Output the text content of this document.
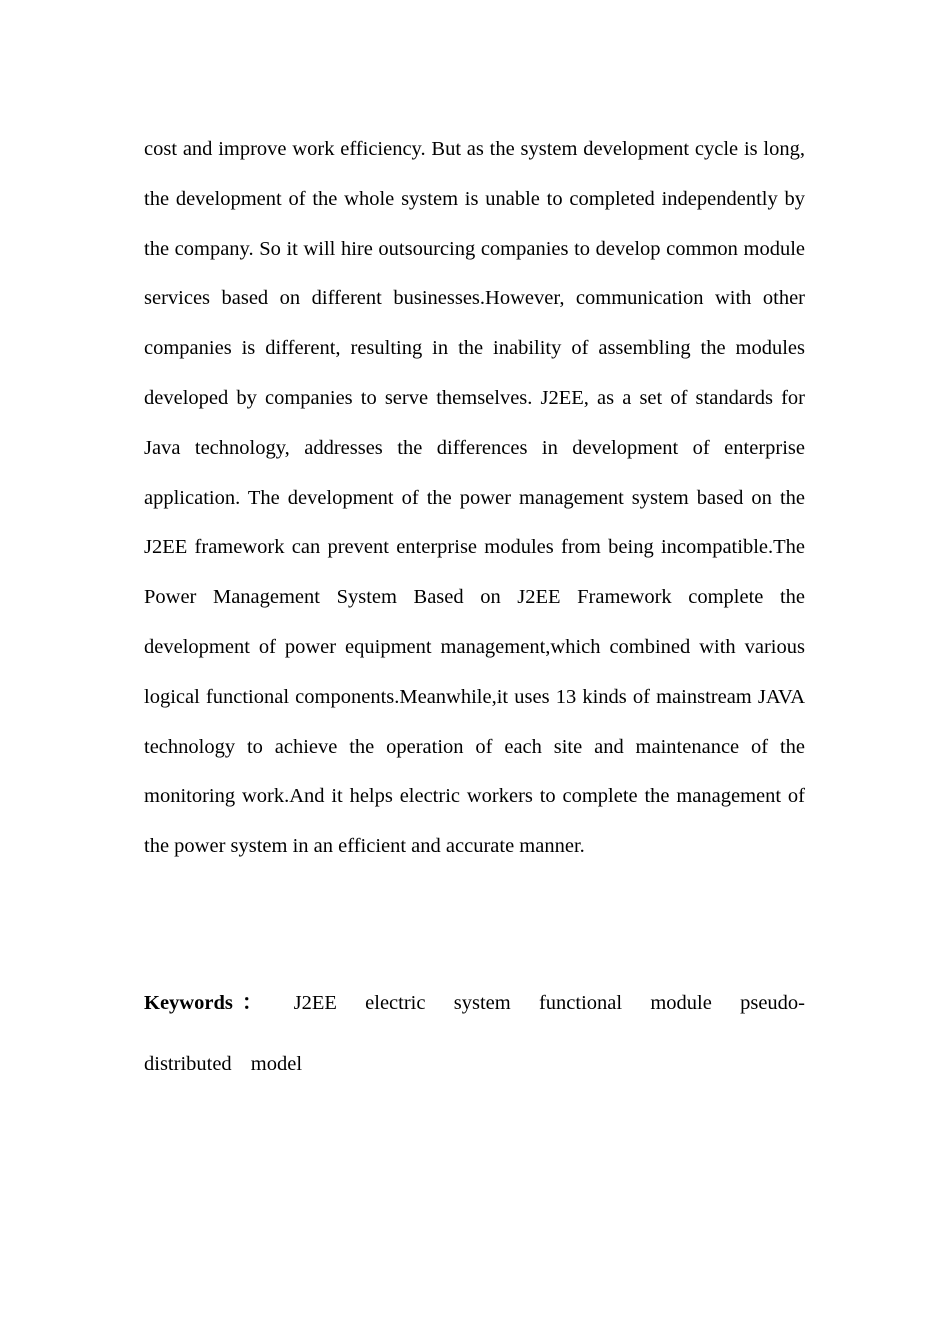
cost and improve work efficiency. But as the system development cycle is long, the development of the whole system is unable to completed independently by the company. So it will hire outsourcing companies to develop common module services based on different businesses.However, communication with other companies is different, resulting in the inability of assembling the modules developed by companies to serve themselves. J2EE, as a set of standards for Java technology, addresses the differences in development of enterprise application. The development of the power management system based on the J2EE framework can prevent enterprise modules from being incompatible.The Power Management System Based on J2EE Framework complete the development of power equipment management,which combined with various logical functional components.Meanwhile,it uses 13 kinds of mainstream JAVA technology to achieve the operation of each site and maintenance of the monitoring work.And it helps electric workers to complete the management of the power system in an efficient and accurate manner.

Keywords： J2EE electric system functional module pseudo-distributed model
